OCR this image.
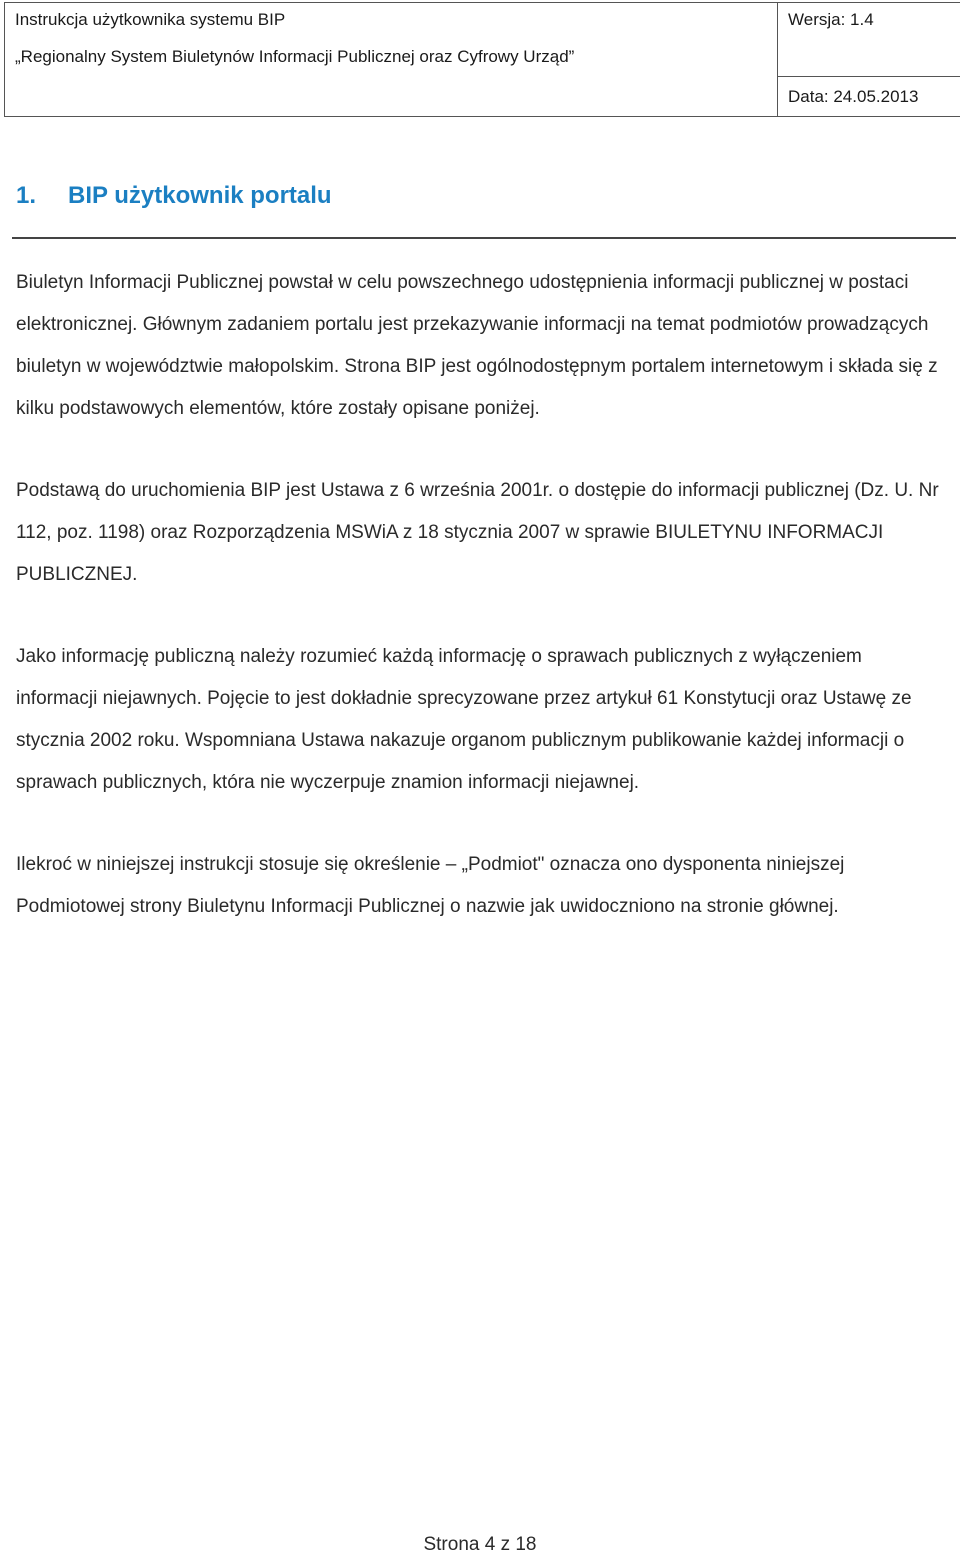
Instrukcja użytkownika systemu BIP	Wersja: 1.4
„Regionalny System Biuletynów Informacji Publicznej oraz Cyfrowy Urząd”	
	Data: 24.05.2013
1.	BIP użytkownik portalu

Biuletyn Informacji Publicznej powstał w celu powszechnego udostępnienia informacji publicznej w postaci elektronicznej. Głównym zadaniem portalu jest przekazywanie informacji na temat podmiotów prowadzących biuletyn w województwie małopolskim. Strona BIP jest ogólnodostępnym portalem internetowym i składa się z kilku podstawowych elementów, które zostały opisane poniżej.

Podstawą do uruchomienia BIP jest Ustawa z 6 września 2001r. o dostępie do informacji publicznej (Dz. U. Nr 112, poz. 1198) oraz Rozporządzenia MSWiA z 18 stycznia 2007 w sprawie BIULETYNU INFORMACJI PUBLICZNEJ.

Jako informację publiczną należy rozumieć każdą informację o sprawach publicznych z wyłączeniem informacji niejawnych. Pojęcie to jest dokładnie sprecyzowane przez artykuł 61 Konstytucji oraz Ustawę ze stycznia 2002 roku. Wspomniana Ustawa nakazuje organom publicznym publikowanie każdej informacji o sprawach publicznych, która nie wyczerpuje znamion informacji niejawnej.

Ilekroć w niniejszej instrukcji stosuje się określenie – „Podmiot" oznacza ono dysponenta niniejszej Podmiotowej strony Biuletynu Informacji Publicznej o nazwie jak uwidoczniono na stronie głównej.

Strona 4 z 18
